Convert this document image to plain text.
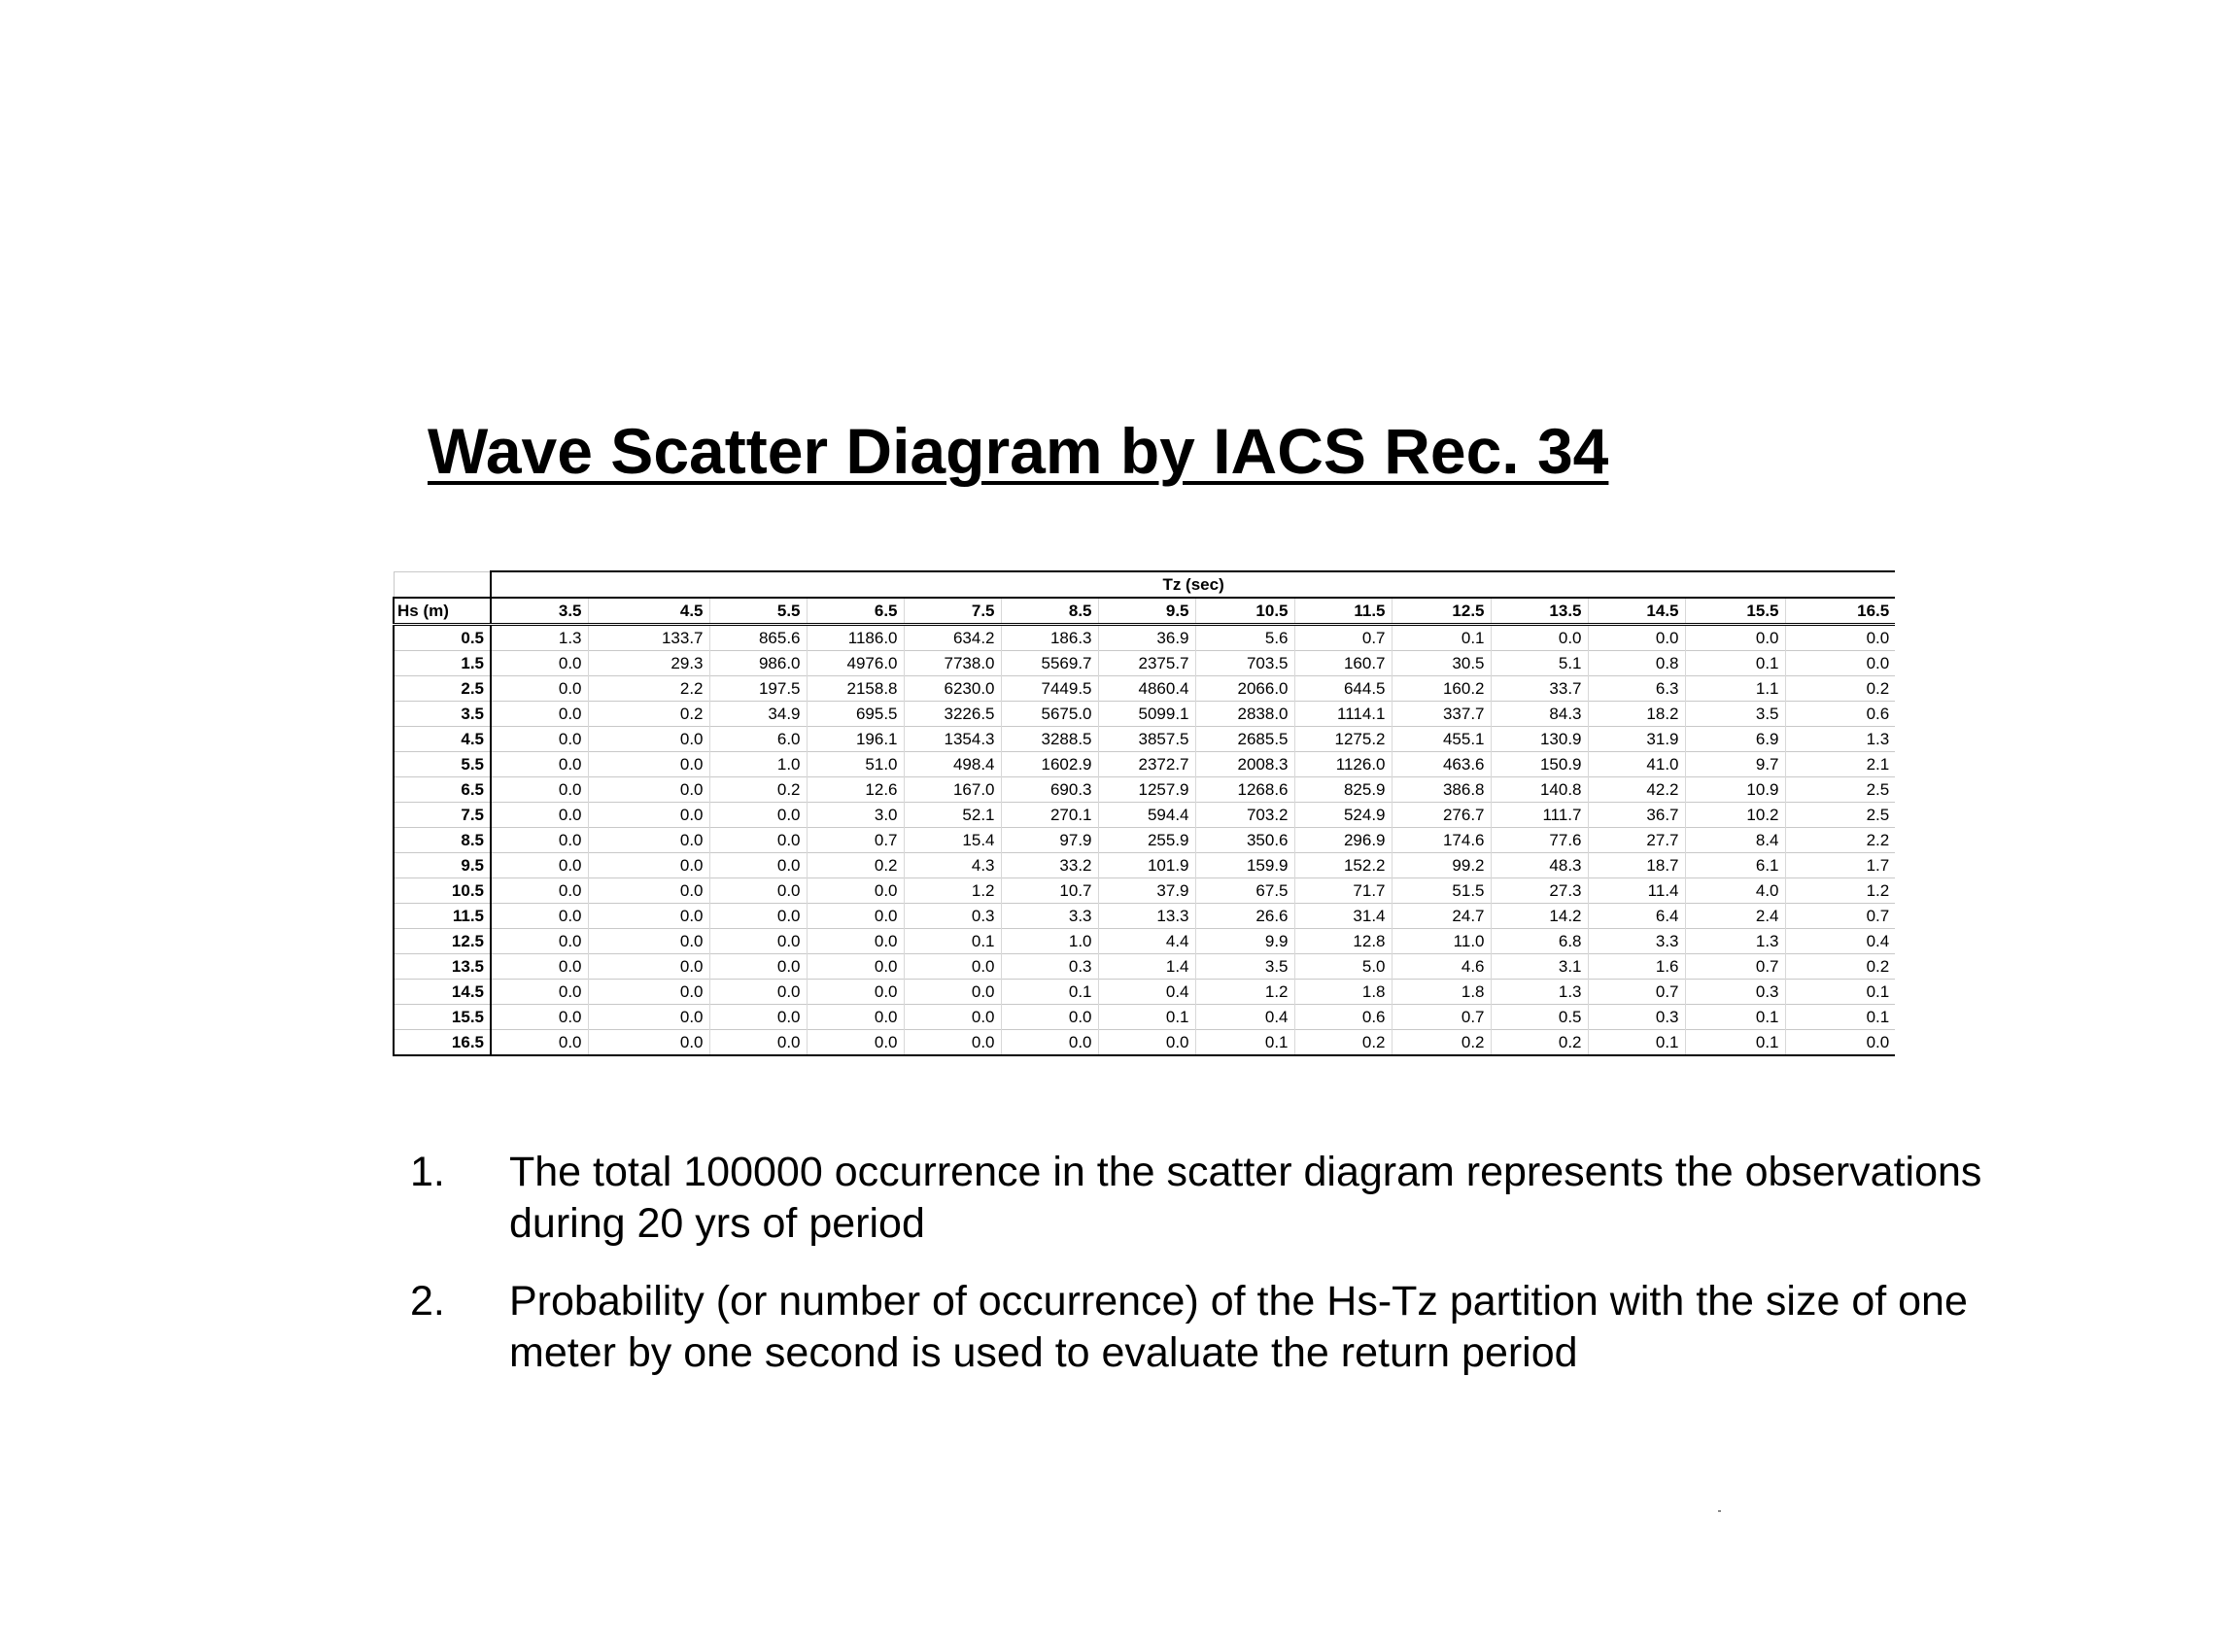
Wave Scatter Diagram by IACS Rec. 34
	Tz (sec)													
Hs (m)	3.5	4.5	5.5	6.5	7.5	8.5	9.5	10.5	11.5	12.5	13.5	14.5	15.5	16.5
0.5	1.3	133.7	865.6	1186.0	634.2	186.3	36.9	5.6	0.7	0.1	0.0	0.0	0.0	0.0
1.5	0.0	29.3	986.0	4976.0	7738.0	5569.7	2375.7	703.5	160.7	30.5	5.1	0.8	0.1	0.0
2.5	0.0	2.2	197.5	2158.8	6230.0	7449.5	4860.4	2066.0	644.5	160.2	33.7	6.3	1.1	0.2
3.5	0.0	0.2	34.9	695.5	3226.5	5675.0	5099.1	2838.0	1114.1	337.7	84.3	18.2	3.5	0.6
4.5	0.0	0.0	6.0	196.1	1354.3	3288.5	3857.5	2685.5	1275.2	455.1	130.9	31.9	6.9	1.3
5.5	0.0	0.0	1.0	51.0	498.4	1602.9	2372.7	2008.3	1126.0	463.6	150.9	41.0	9.7	2.1
6.5	0.0	0.0	0.2	12.6	167.0	690.3	1257.9	1268.6	825.9	386.8	140.8	42.2	10.9	2.5
7.5	0.0	0.0	0.0	3.0	52.1	270.1	594.4	703.2	524.9	276.7	111.7	36.7	10.2	2.5
8.5	0.0	0.0	0.0	0.7	15.4	97.9	255.9	350.6	296.9	174.6	77.6	27.7	8.4	2.2
9.5	0.0	0.0	0.0	0.2	4.3	33.2	101.9	159.9	152.2	99.2	48.3	18.7	6.1	1.7
10.5	0.0	0.0	0.0	0.0	1.2	10.7	37.9	67.5	71.7	51.5	27.3	11.4	4.0	1.2
11.5	0.0	0.0	0.0	0.0	0.3	3.3	13.3	26.6	31.4	24.7	14.2	6.4	2.4	0.7
12.5	0.0	0.0	0.0	0.0	0.1	1.0	4.4	9.9	12.8	11.0	6.8	3.3	1.3	0.4
13.5	0.0	0.0	0.0	0.0	0.0	0.3	1.4	3.5	5.0	4.6	3.1	1.6	0.7	0.2
14.5	0.0	0.0	0.0	0.0	0.0	0.1	0.4	1.2	1.8	1.8	1.3	0.7	0.3	0.1
15.5	0.0	0.0	0.0	0.0	0.0	0.0	0.1	0.4	0.6	0.7	0.5	0.3	0.1	0.1
16.5	0.0	0.0	0.0	0.0	0.0	0.0	0.0	0.1	0.2	0.2	0.2	0.1	0.1	0.0
1. The total 100000 occurrence in the scatter diagram represents the observations during 20 yrs of period
2. Probability (or number of occurrence) of the Hs-Tz partition with the size of one meter by one second is used to evaluate the return period
